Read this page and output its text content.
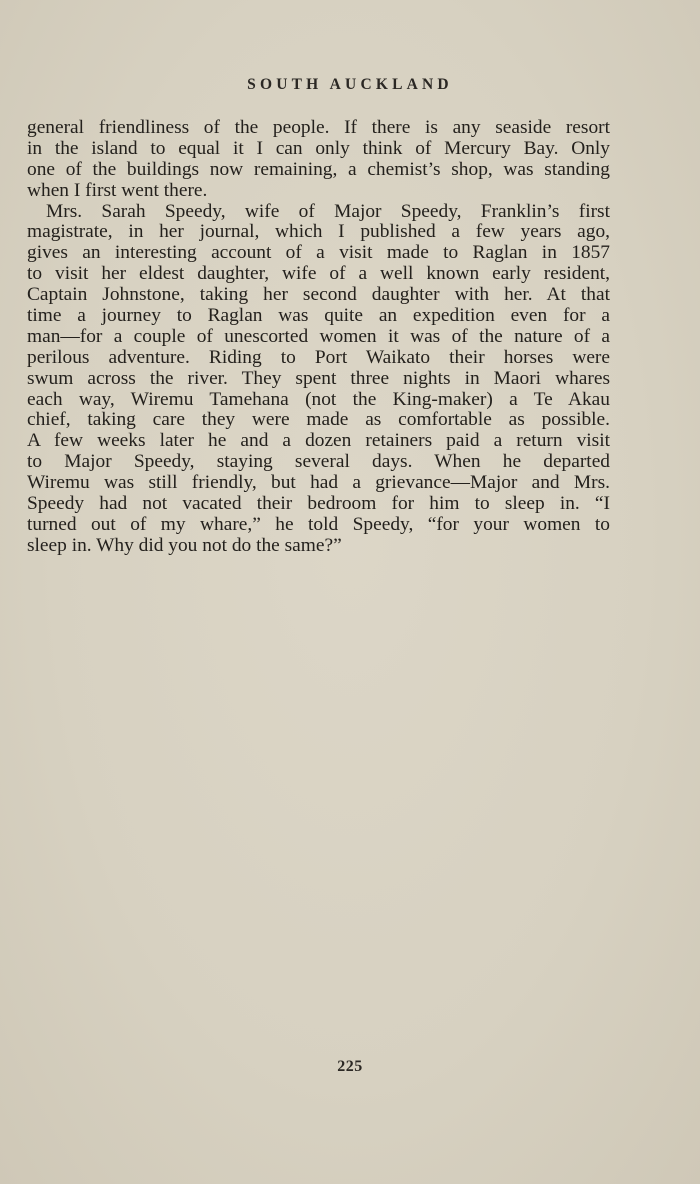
SOUTH AUCKLAND
general friendliness of the people. If there is any seaside resort
in the island to equal it I can only think of Mercury Bay. Only
one of the buildings now remaining, a chemist’s shop, was standing
when I first went there.
Mrs. Sarah Speedy, wife of Major Speedy, Franklin’s first
magistrate, in her journal, which I published a few years ago,
gives an interesting account of a visit made to Raglan in 1857
to visit her eldest daughter, wife of a well known early resident,
Captain Johnstone, taking her second daughter with her. At that
time a journey to Raglan was quite an expedition even for a
man—for a couple of unescorted women it was of the nature of a
perilous adventure. Riding to Port Waikato their horses were
swum across the river. They spent three nights in Maori whares
each way, Wiremu Tamehana (not the King-maker) a Te Akau
chief, taking care they were made as comfortable as possible.
A few weeks later he and a dozen retainers paid a return visit
to Major Speedy, staying several days. When he departed
Wiremu was still friendly, but had a grievance—Major and Mrs.
Speedy had not vacated their bedroom for him to sleep in. “I
turned out of my whare,” he told Speedy, “for your women to
sleep in. Why did you not do the same?”
225
